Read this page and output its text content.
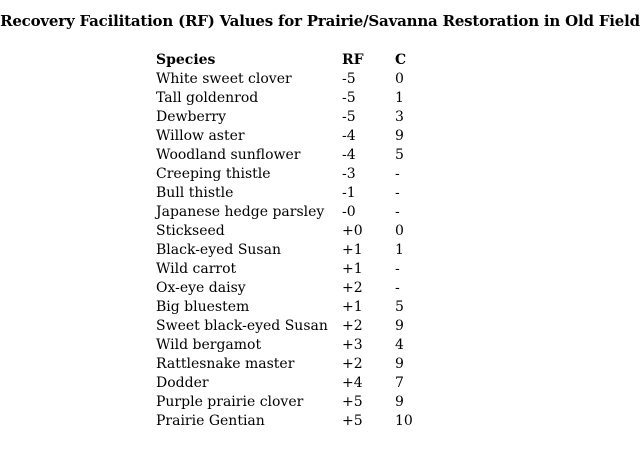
Recovery Facilitation (RF) Values for Prairie/Savanna Restoration in Old Field
Species	RF	C
White sweet clover	-5	0
Tall goldenrod	-5	1
Dewberry	-5	3
Willow aster	-4	9
Woodland sunflower	-4	5
Creeping thistle	-3	-
Bull thistle	-1	-
Japanese hedge parsley	-0	-
Stickseed	+0	0
Black-eyed Susan	+1	1
Wild carrot	+1	-
Ox-eye daisy	+2	-
Big bluestem	+1	5
Sweet black-eyed Susan	+2	9
Wild bergamot	+3	4
Rattlesnake master	+2	9
Dodder	+4	7
Purple prairie clover	+5	9
Prairie Gentian	+5	10
